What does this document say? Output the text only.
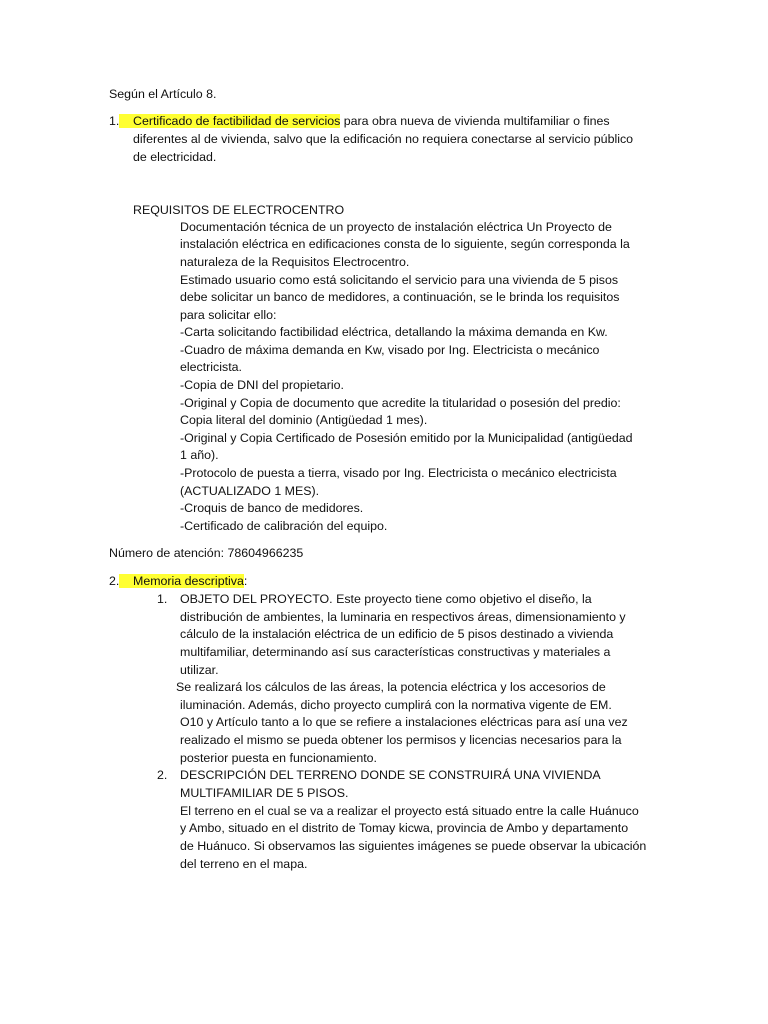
Según el Artículo 8.
1. Certificado de factibilidad de servicios para obra nueva de vivienda multifamiliar o fines
diferentes al de vivienda, salvo que la edificación no requiera conectarse al servicio público
de electricidad.
REQUISITOS DE ELECTROCENTRO
Documentación técnica de un proyecto de instalación eléctrica Un Proyecto de
instalación eléctrica en edificaciones consta de lo siguiente, según corresponda la
naturaleza de la Requisitos Electrocentro.
Estimado usuario como está solicitando el servicio para una vivienda de 5 pisos
debe solicitar un banco de medidores, a continuación, se le brinda los requisitos
para solicitar ello:
-Carta solicitando factibilidad eléctrica, detallando la máxima demanda en Kw.
-Cuadro de máxima demanda en Kw, visado por Ing. Electricista o mecánico
electricista.
-Copia de DNI del propietario.
-Original y Copia de documento que acredite la titularidad o posesión del predio:
Copia literal del dominio (Antigüedad 1 mes).
-Original y Copia Certificado de Posesión emitido por la Municipalidad (antigüedad
1 año).
-Protocolo de puesta a tierra, visado por Ing. Electricista o mecánico electricista
(ACTUALIZADO 1 MES).
-Croquis de banco de medidores.
-Certificado de calibración del equipo.
Número de atención: 78604966235
2. Memoria descriptiva:
1. OBJETO DEL PROYECTO. Este proyecto tiene como objetivo el diseño, la
distribución de ambientes, la luminaria en respectivos áreas, dimensionamiento y
cálculo de la instalación eléctrica de un edificio de 5 pisos destinado a vivienda
multifamiliar, determinando así sus características constructivas y materiales a
utilizar.
Se realizará los cálculos de las áreas, la potencia eléctrica y los accesorios de
iluminación. Además, dicho proyecto cumplirá con la normativa vigente de EM.
O10 y Artículo tanto a lo que se refiere a instalaciones eléctricas para así una vez
realizado el mismo se pueda obtener los permisos y licencias necesarios para la
posterior puesta en funcionamiento.
2. DESCRIPCIÓN DEL TERRENO DONDE SE CONSTRUIRÁ UNA VIVIENDA
MULTIFAMILIAR DE 5 PISOS.
El terreno en el cual se va a realizar el proyecto está situado entre la calle Huánuco
y Ambo, situado en el distrito de Tomay kicwa, provincia de Ambo y departamento
de Huánuco. Si observamos las siguientes imágenes se puede observar la ubicación
del terreno en el mapa.
